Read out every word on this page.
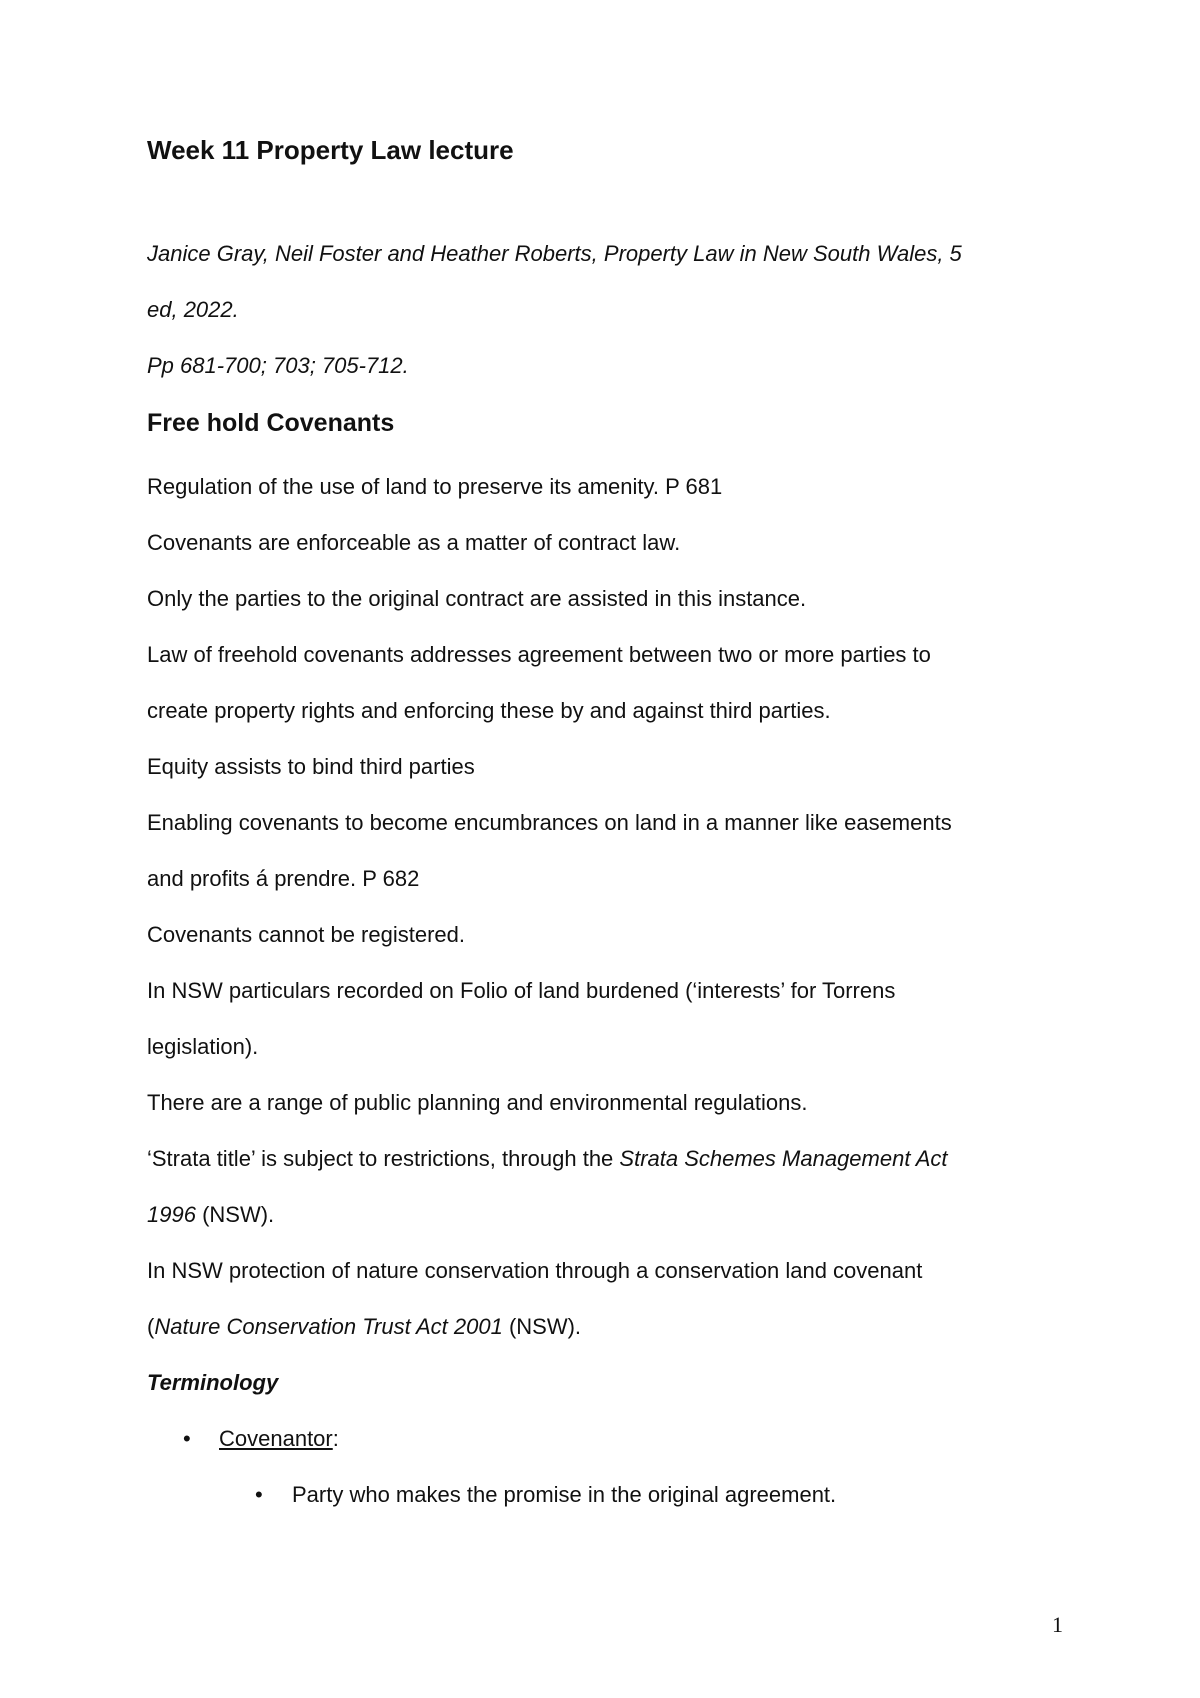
Week 11 Property Law lecture
Janice Gray, Neil Foster and Heather Roberts, Property Law in New South Wales, 5
ed, 2022.
Pp 681-700; 703; 705-712.
Free hold Covenants
Regulation of the use of land to preserve its amenity. P 681
Covenants are enforceable as a matter of contract law.
Only the parties to the original contract are assisted in this instance.
Law of freehold covenants addresses agreement between two or more parties to
create property rights and enforcing these by and against third parties.
Equity assists to bind third parties
Enabling covenants to become encumbrances on land in a manner like easements
and profits á prendre. P 682
Covenants cannot be registered.
In NSW particulars recorded on Folio of land burdened (‘interests’ for Torrens
legislation).
There are a range of public planning and environmental regulations.
‘Strata title’ is subject to restrictions, through the Strata Schemes Management Act
1996 (NSW).
In NSW protection of nature conservation through a conservation land covenant
(Nature Conservation Trust Act 2001 (NSW).
Terminology
• Covenantor:
• Party who makes the promise in the original agreement.
1
